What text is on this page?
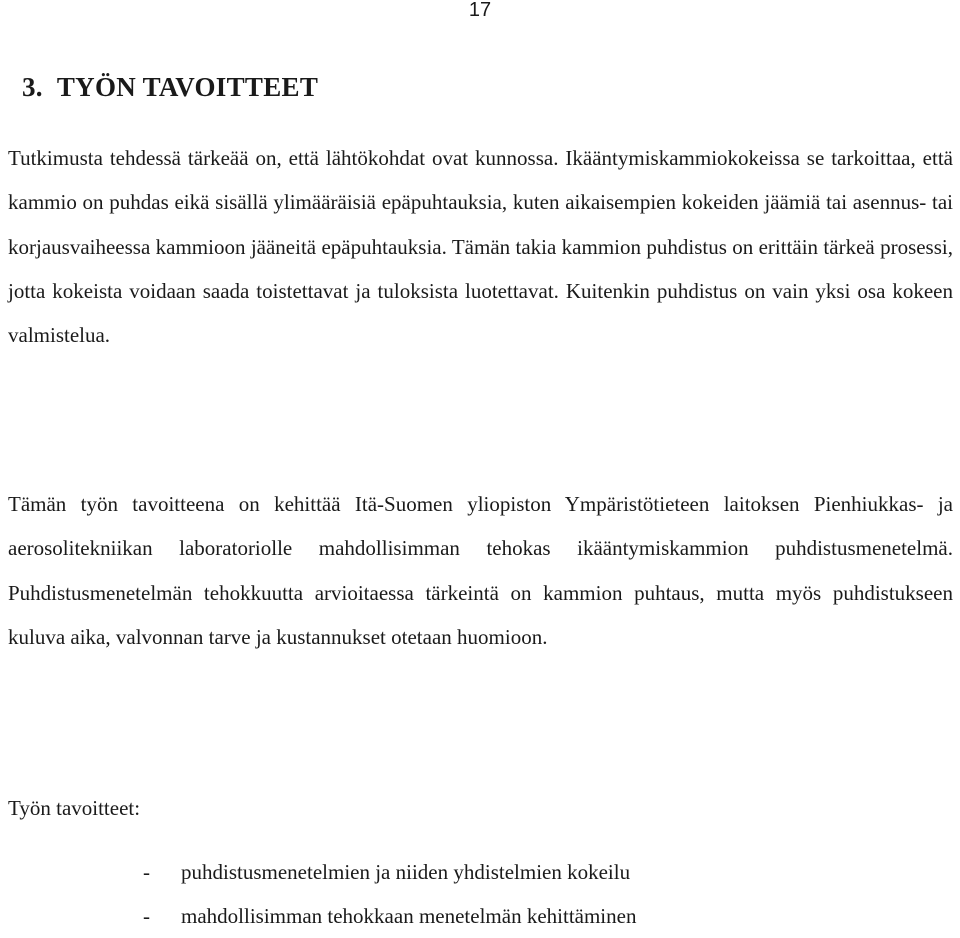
17
3. TYÖN TAVOITTEET

Tutkimusta tehdessä tärkeää on, että lähtökohdat ovat kunnossa. Ikääntymiskammiokokeissa se tarkoittaa, että kammio on puhdas eikä sisällä ylimääräisiä epäpuhtauksia, kuten aikaisempien kokeiden jäämiä tai asennus- tai korjausvaiheessa kammioon jääneitä epäpuhtauksia. Tämän takia kammion puhdistus on erittäin tärkeä prosessi, jotta kokeista voidaan saada toistettavat ja tuloksista luotettavat. Kuitenkin puhdistus on vain yksi osa kokeen valmistelua.

Tämän työn tavoitteena on kehittää Itä-Suomen yliopiston Ympäristötieteen laitoksen Pienhiukkas- ja aerosolitekniikan laboratoriolle mahdollisimman tehokas ikääntymiskammion puhdistusmenetelmä. Puhdistusmenetelmän tehokkuutta arvioitaessa tärkeintä on kammion puhtaus, mutta myös puhdistukseen kuluva aika, valvonnan tarve ja kustannukset otetaan huomioon.

Työn tavoitteet:

- puhdistusmenetelmien ja niiden yhdistelmien kokeilu
- mahdollisimman tehokkaan menetelmän kehittäminen
